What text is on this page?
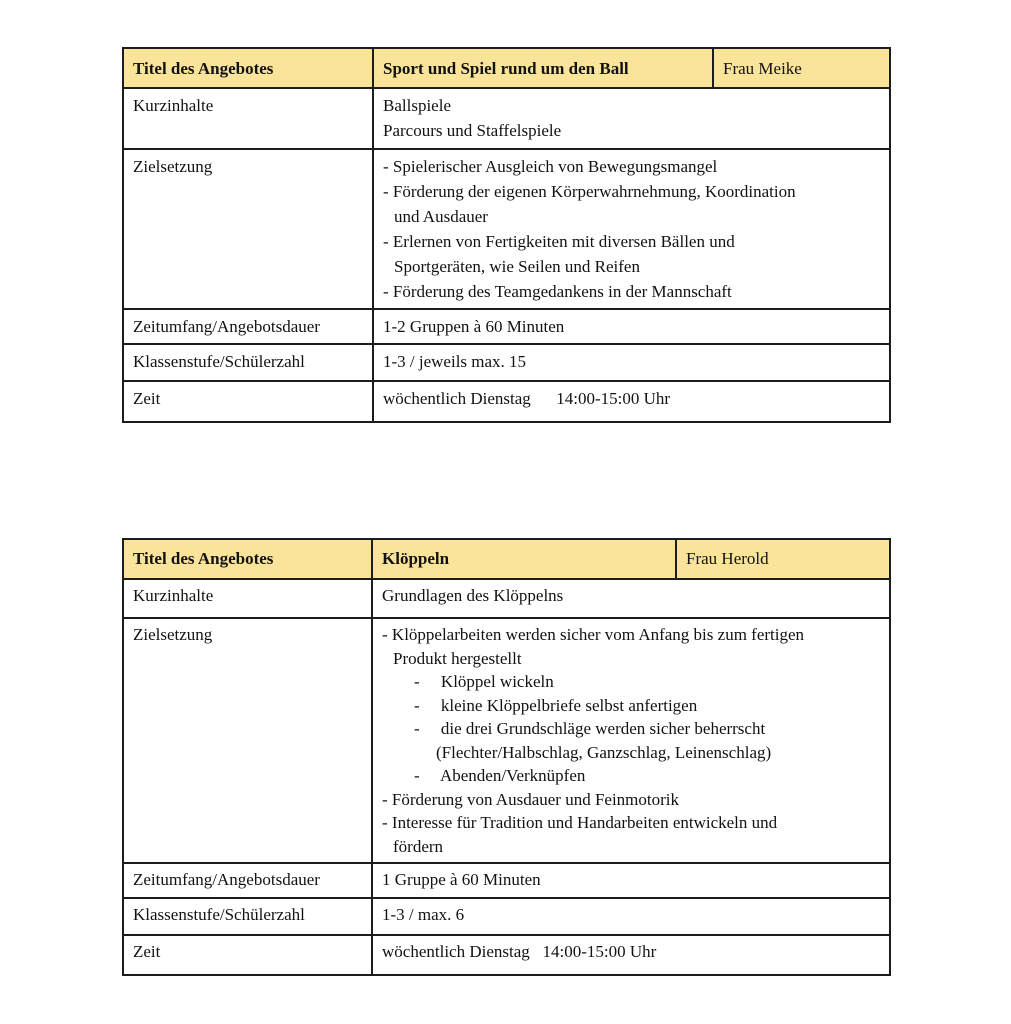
Titel des Angebotes	Sport und Spiel rund um den Ball	Frau Meike
Kurzinhalte	Ballspiele
Parcours und Staffelspiele	

Zielsetzung	- Spielerischer Ausgleich von Bewegungsmangel
- Förderung der eigenen Körperwahrnehmung, Koordination
und Ausdauer
- Erlernen von Fertigkeiten mit diversen Bällen und
Sportgeräten, wie Seilen und Reifen
- Förderung des Teamgedankens in der Mannschaft

Zeitumfang/Angebotsdauer	1-2 Gruppen à 60 Minuten	
Klassenstufe/Schülerzahl	1-3 / jeweils max. 15	
Zeit	wöchentlich Dienstag      14:00-15:00 Uhr	
Titel des Angebotes	Klöppeln	Frau Herold
Kurzinhalte	Grundlagen des Klöppelns	

Zielsetzung	- Klöppelarbeiten werden sicher vom Anfang bis zum fertigen
Produkt hergestellt
-     Klöppel wickeln
-     kleine Klöppelbriefe selbst anfertigen
-     die drei Grundschläge werden sicher beherrscht
(Flechter/Halbschlag, Ganzschlag, Leinenschlag)
-     Abenden/Verknüpfen
- Förderung von Ausdauer und Feinmotorik
- Interesse für Tradition und Handarbeiten entwickeln und
fördern

Zeitumfang/Angebotsdauer	1 Gruppe à 60 Minuten	
Klassenstufe/Schülerzahl	1-3 / max. 6	
Zeit	wöchentlich Dienstag   14:00-15:00 Uhr	
